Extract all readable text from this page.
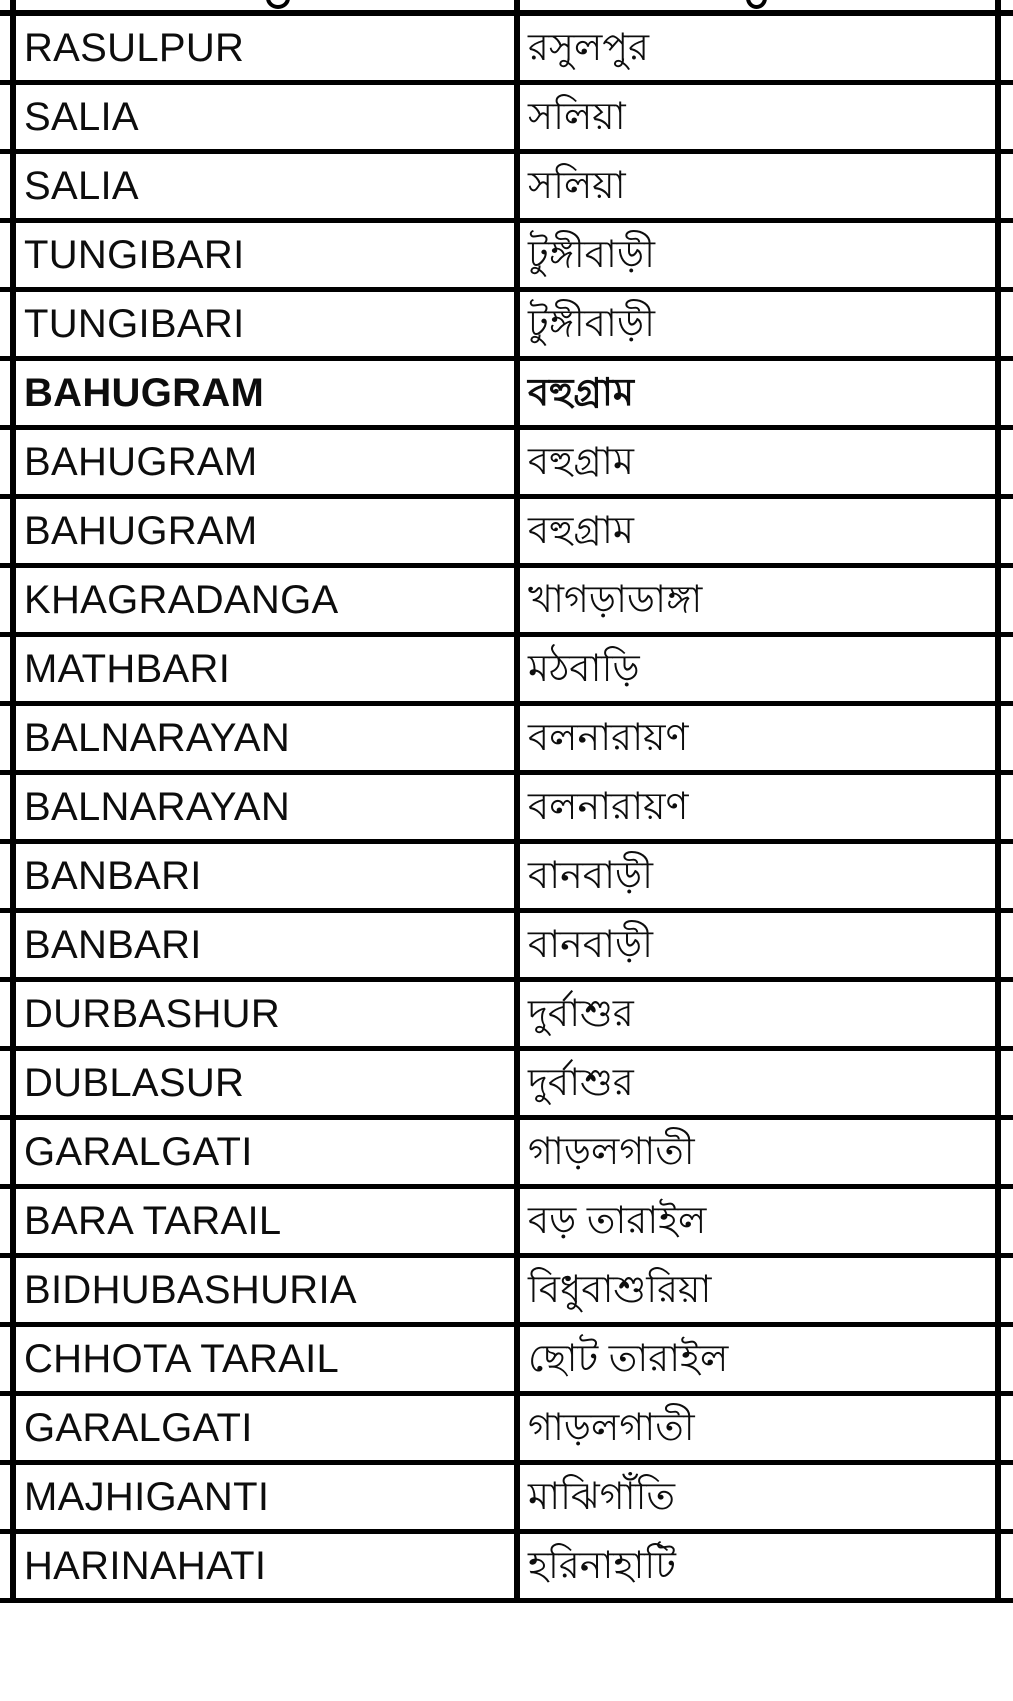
RASULPUR	রসুলপুর
SALIA	সলিয়া
SALIA	সলিয়া
TUNGIBARI	টুঙ্গীবাড়ী
TUNGIBARI	টুঙ্গীবাড়ী
BAHUGRAM	বহুগ্রাম
BAHUGRAM	বহুগ্রাম
BAHUGRAM	বহুগ্রাম
KHAGRADANGA	খাগড়াডাঙ্গা
MATHBARI	মঠবাড়ি
BALNARAYAN	বলনারায়ণ
BALNARAYAN	বলনারায়ণ
BANBARI	বানবাড়ী
BANBARI	বানবাড়ী
DURBASHUR	দুর্বাশুর
DUBLASUR	দুর্বাশুর
GARALGATI	গাড়লগাতী
BARA TARAIL	বড় তারাইল
BIDHUBASHURIA	বিধুবাশুরিয়া
CHHOTA TARAIL	ছোট তারাইল
GARALGATI	গাড়লগাতী
MAJHIGANTI	মাঝিগাঁতি
HARINAHATI	হরিনাহাটি
